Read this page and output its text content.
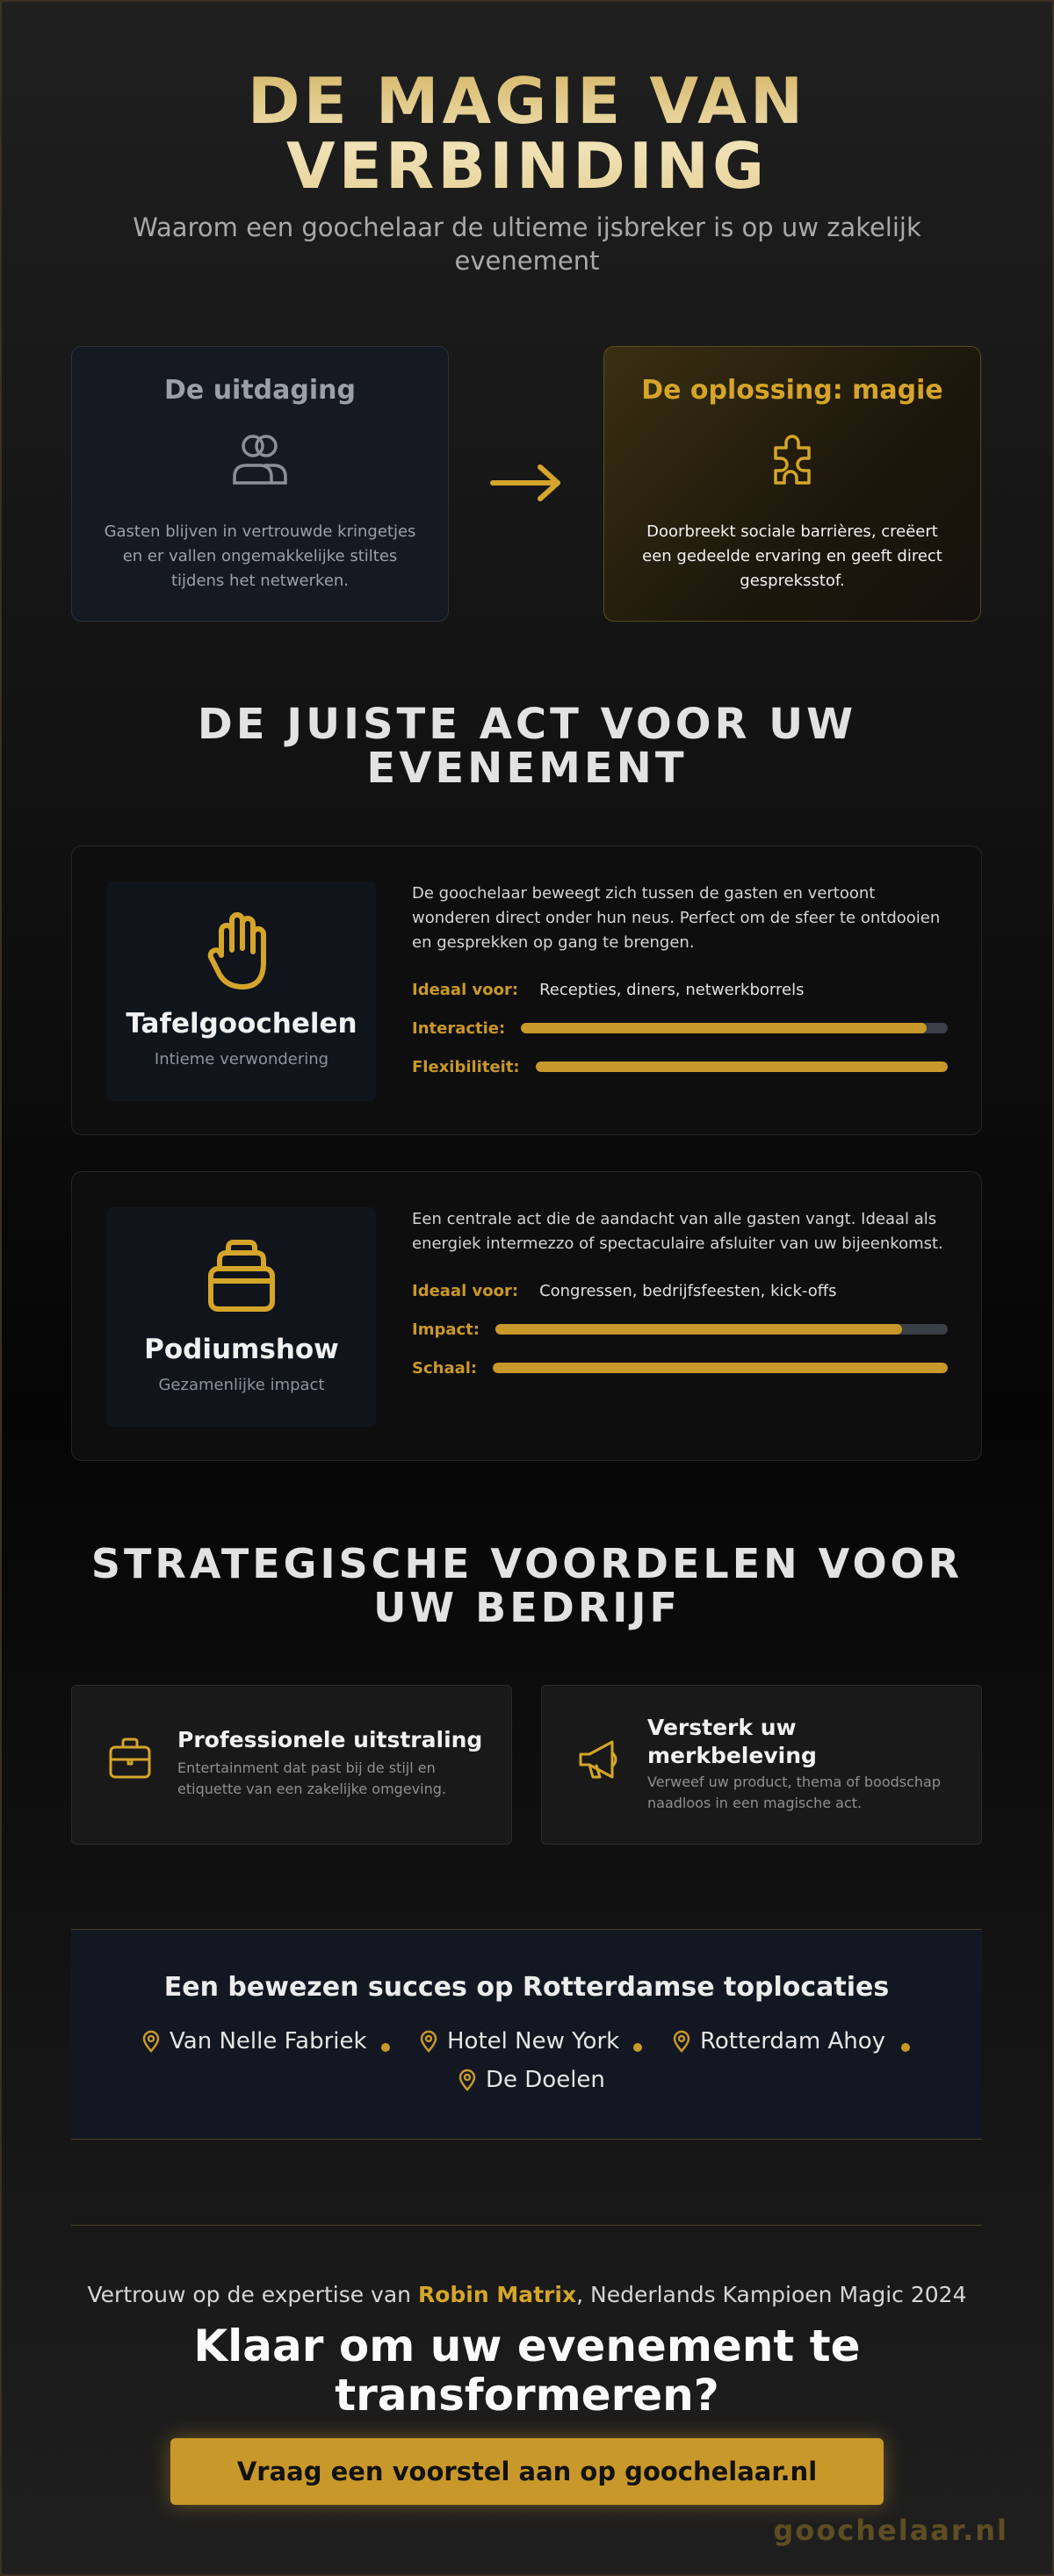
DE MAGIE VAN
VERBINDING

Waarom een goochelaar de ultieme ijsbreker is op uw zakelijk evenement

De uitdaging

Gasten blijven in vertrouwde kringetjes en er vallen ongemakkelijke stiltes tijdens het netwerken.

De oplossing: magie

Doorbreekt sociale barrières, creëert een gedeelde ervaring en geeft direct gespreksstof.

DE JUISTE ACT VOOR UW
EVENEMENT
Tafelgoochelen
Intieme verwondering

De goochelaar beweegt zich tussen de gasten en vertoont wonderen direct onder hun neus. Perfect om de sfeer te ontdooien en gesprekken op gang te brengen.

Ideaal voor: Recepties, diners, netwerkborrels
Interactie:
Flexibiliteit:
Podiumshow
Gezamenlijke impact

Een centrale act die de aandacht van alle gasten vangt. Ideaal als energiek intermezzo of spectaculaire afsluiter van uw bijeenkomst.

Ideaal voor: Congressen, bedrijfsfeesten, kick-offs
Impact:
Schaal:
STRATEGISCHE VOORDELEN VOOR
UW BEDRIJF
Professionele uitstraling

Entertainment dat past bij de stijl en etiquette van een zakelijke omgeving.

Versterk uw merkbeleving

Verweef uw product, thema of boodschap naadloos in een magische act.

Een bewezen succes op Rotterdamse toplocaties
Van Nelle Fabriek	Hotel New York	Rotterdam Ahoy
De Doelen

Vertrouw op de expertise van Robin Matrix, Nederlands Kampioen Magic 2024

Klaar om uw evenement te
transformeren?
Vraag een voorstel aan op goochelaar.nl
goochelaar.nl
